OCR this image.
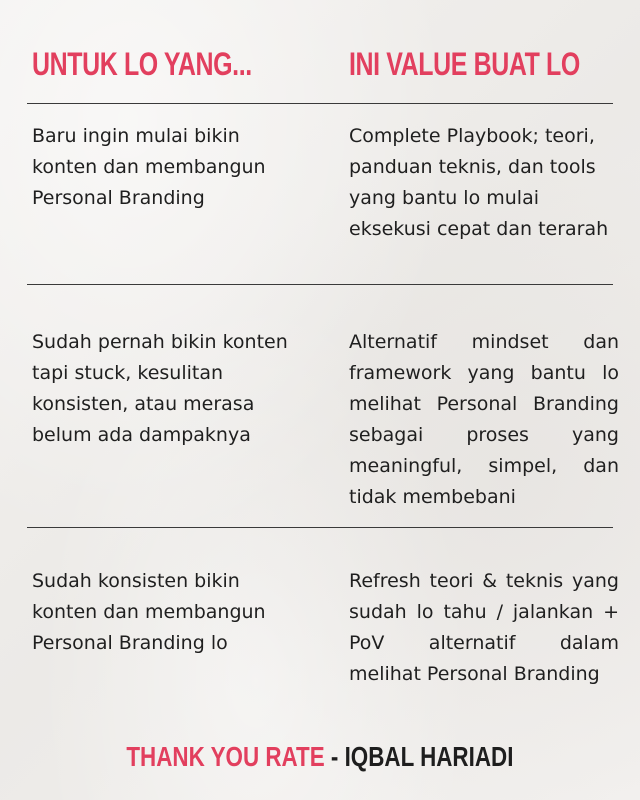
UNTUK LO YANG...	INI VALUE BUAT LO
Baru ingin mulai bikin
konten dan membangun
Personal Branding
Complete Playbook; teori,
panduan teknis, dan tools
yang bantu lo mulai
eksekusi cepat dan terarah
Sudah pernah bikin konten
tapi stuck, kesulitan
konsisten, atau merasa
belum ada dampaknya
Alternatif mindset dan framework yang bantu lo melihat Personal Branding sebagai proses yang meaningful, simpel, dan tidak membebani
Sudah konsisten bikin
konten dan membangun
Personal Branding lo
Refresh teori & teknis yang sudah lo tahu / jalankan + PoV alternatif dalam melihat Personal Branding
THANK YOU RATE - IQBAL HARIADI
